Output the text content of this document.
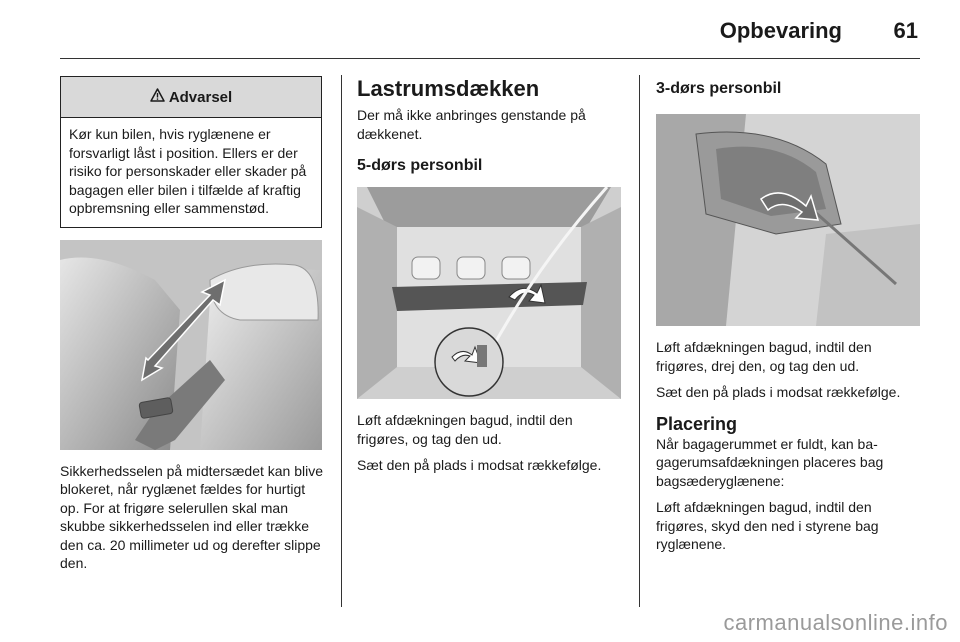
Opbevaring 61
Advarsel
Kør kun bilen, hvis ryglænene er forsvarligt låst i position. Ellers er der risiko for personskader eller skader på bagagen eller bilen i tilfælde af kraftig opbremsning eller sammenstød.

Sikkerhedsselen på midtersædet kan blive blokeret, når ryglænet fældes for hurtigt op. For at frigøre selerullen skal man skubbe sikkerhedsselen ind eller trække den ca. 20 millimeter ud og derefter slippe den.

Lastrumsdækken

Der må ikke anbringes genstande på dækkenet.

5-dørs personbil

Løft afdækningen bagud, indtil den frigøres, og tag den ud.

Sæt den på plads i modsat rækkefølge.

3-dørs personbil

Løft afdækningen bagud, indtil den frigøres, drej den, og tag den ud.

Sæt den på plads i modsat rækkefølge.

Placering

Når bagagerummet er fuldt, kan bagagerumsafdækningen placeres bag bagsæderyglænene:

Løft afdækningen bagud, indtil den frigøres, skyd den ned i styrene bag ryglænene.

carmanualsonline.info
